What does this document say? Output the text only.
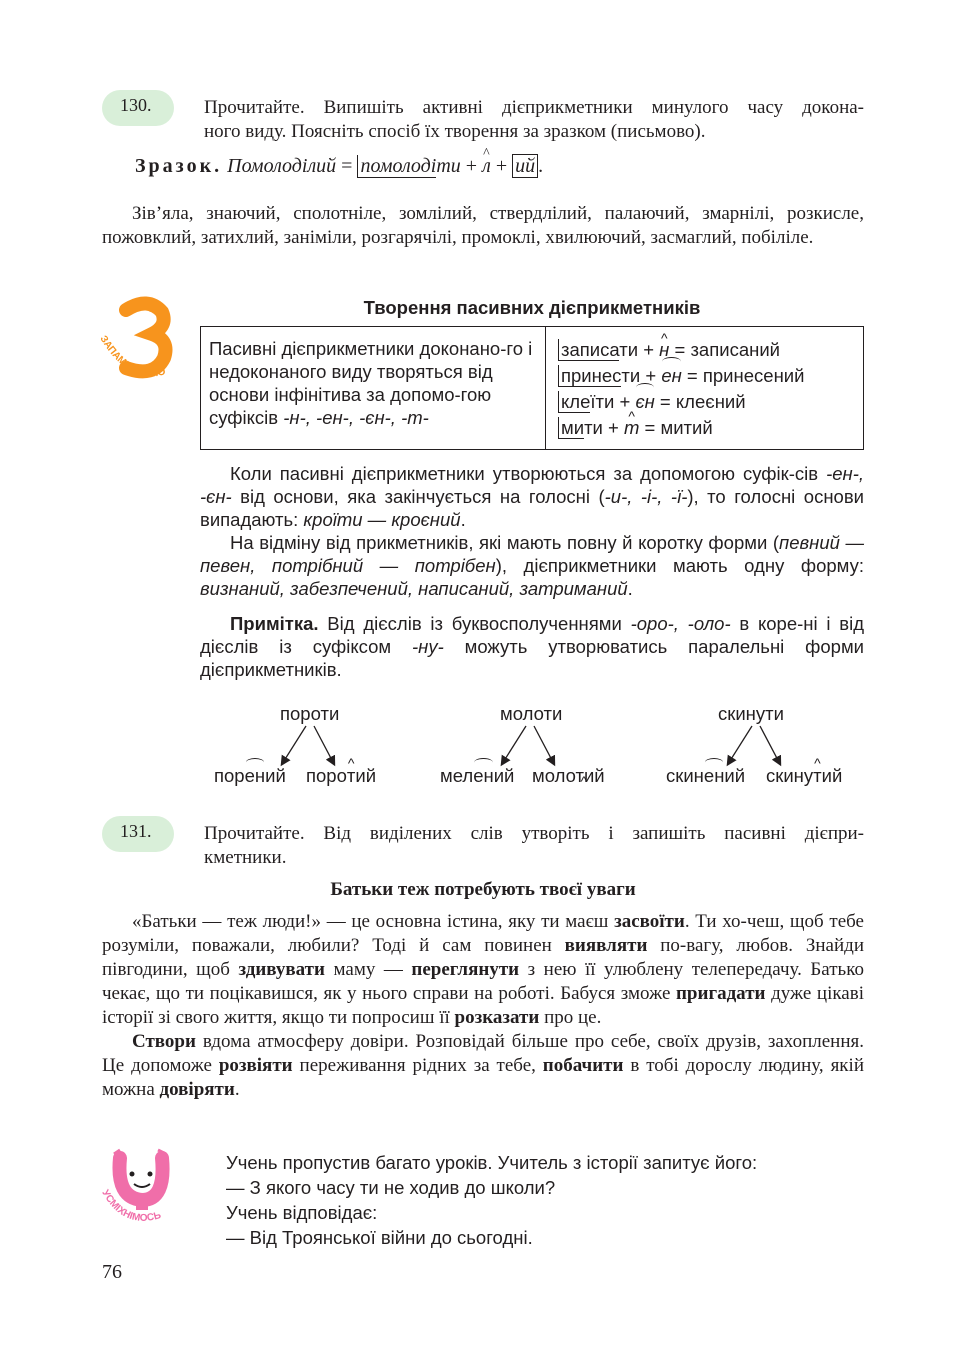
130.	Прочитайте. Випишіть активні дієприкметники минулого часу докона-
ного виду. Поясніть спосіб їх творення за зразком (письмово).
Зразок. Помолоділий = помолодіти + ^ л + ий .
Зів’яла, знаючий, сполотніле, зомлілий, ствердлілий, палаючий, змарнілі, розкисле, пожовклий, затихлий, заніміли, розгарячілі, промоклі, хвилюючий, засмаглий, побіліле.
ЗАПАМ'ЯТАЙМО
Творення пасивних дієприкметників
Пасивні дієприкметники доконано-го і недоконаного виду творяться від основи інфінітива за допомо-гою суфіксів -н-, -ен-, -єн-, -т-	
записати + ^ н = записаний
принести + ен = принесений
клеїти + єн = клеєний
мити + ^ т = митий

Коли пасивні дієприкметники утворюються за допомогою суфік-сів -ен-, -єн- від основи, яка закінчується на голосні (-и-, -і-, -ї-), то голосні основи випадають: кроїти — кроєний.

На відміну від прикметників, які мають повну й коротку форми (певний — певен, потрібний — потрібен), дієприкметники мають одну форму: визнаний, забезпечений, написаний, затриманий.

Примітка. Від дієслів із буквосполученнями -оро-, -оло- в коре-ні і від дієслів із суфіксом -ну- можуть утворюватись паралельні форми дієприкметників.

пороти
порений поро^ тий
молоти
мелений молотий
скинути
скинений скину^ тий
131.	Прочитайте. Від виділених слів утворіть і запишіть пасивні дієпри-
кметники.
Батьки теж потребують твоєї уваги

«Батьки — теж люди!» — це основна істина, яку ти маєш засвоїти. Ти хо-чеш, щоб тебе розуміли, поважали, любили? Тоді й сам повинен виявляти по-вагу, любов. Знайди півгодини, щоб здивувати маму — переглянути з нею її улюблену телепередачу. Батько чекає, що ти поцікавишся, як у нього справи на роботі. Бабуся зможе пригадати дуже цікаві історії зі свого життя, якщо ти попросиш її розказати про це.

Створи вдома атмосферу довіри. Розповідай більше про себе, своїх друзів, захоплення. Це допоможе розвіяти переживання рідних за тебе, побачити в тобі дорослу людину, якій можна довіряти.

УСМІХНІМОСЬ
Учень пропустив багато уроків. Учитель з історії запитує його:
— З якого часу ти не ходив до школи?
Учень відповідає:
— Від Троянської війни до сьогодні.
76
